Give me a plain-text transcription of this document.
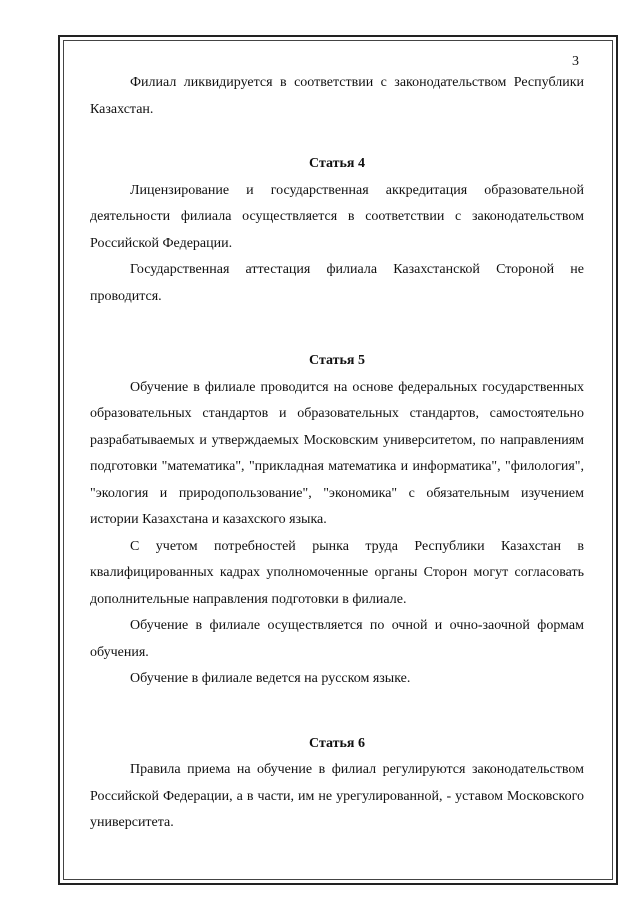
3

Филиал ликвидируется в соответствии с законодательством Республики Казахстан.

Статья 4

Лицензирование и государственная аккредитация образовательной деятельности филиала осуществляется в соответствии с законодательством Российской Федерации.

Государственная аттестация филиала Казахстанской Стороной не проводится.

Статья 5

Обучение в филиале проводится на основе федеральных государственных образовательных стандартов и образовательных стандартов, самостоятельно разрабатываемых и утверждаемых Московским университетом, по направлениям подготовки "математика", "прикладная математика и информатика", "филология", "экология и природопользование", "экономика" с обязательным изучением истории Казахстана и казахского языка.

С учетом потребностей рынка труда Республики Казахстан в квалифицированных кадрах уполномоченные органы Сторон могут согласовать дополнительные направления подготовки в филиале.

Обучение в филиале осуществляется по очной и очно-заочной формам обучения.

Обучение в филиале ведется на русском языке.

Статья 6

Правила приема на обучение в филиал регулируются законодательством Российской Федерации, а в части, им не урегулированной, - уставом Московского университета.
